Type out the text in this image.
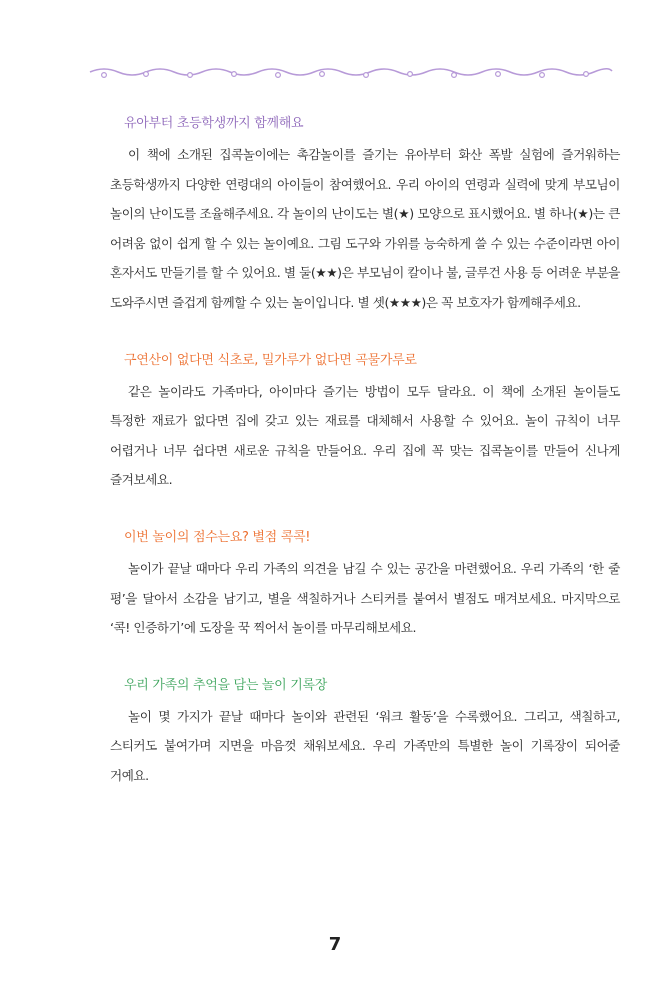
유아부터 초등학생까지 함께해요

이 책에 소개된 집콕놀이에는 촉감놀이를 즐기는 유아부터 화산 폭발 실험에 즐거워하는 초등학생까지 다양한 연령대의 아이들이 참여했어요. 우리 아이의 연령과 실력에 맞게 부모님이 놀이의 난이도를 조율해주세요. 각 놀이의 난이도는 별(★) 모양으로 표시했어요. 별 하나(★)는 큰 어려움 없이 쉽게 할 수 있는 놀이예요. 그림 도구와 가위를 능숙하게 쓸 수 있는 수준이라면 아이 혼자서도 만들기를 할 수 있어요. 별 둘(★★)은 부모님이 칼이나 불, 글루건 사용 등 어려운 부분을 도와주시면 즐겁게 함께할 수 있는 놀이입니다. 별 셋(★★★)은 꼭 보호자가 함께해주세요.

구연산이 없다면 식초로, 밀가루가 없다면 곡물가루로

같은 놀이라도 가족마다, 아이마다 즐기는 방법이 모두 달라요. 이 책에 소개된 놀이들도 특정한 재료가 없다면 집에 갖고 있는 재료를 대체해서 사용할 수 있어요. 놀이 규칙이 너무 어렵거나 너무 쉽다면 새로운 규칙을 만들어요. 우리 집에 꼭 맞는 집콕놀이를 만들어 신나게 즐겨보세요.

이번 놀이의 점수는요? 별점 콕콕!

놀이가 끝날 때마다 우리 가족의 의견을 남길 수 있는 공간을 마련했어요. 우리 가족의 ‘한 줄 평’을 달아서 소감을 남기고, 별을 색칠하거나 스티커를 붙여서 별점도 매겨보세요. 마지막으로 ‘콕! 인증하기’에 도장을 꾹 찍어서 놀이를 마무리해보세요.

우리 가족의 추억을 담는 놀이 기록장

놀이 몇 가지가 끝날 때마다 놀이와 관련된 ‘워크 활동’을 수록했어요. 그리고, 색칠하고, 스티커도 붙여가며 지면을 마음껏 채워보세요. 우리 가족만의 특별한 놀이 기록장이 되어줄 거예요.

7
